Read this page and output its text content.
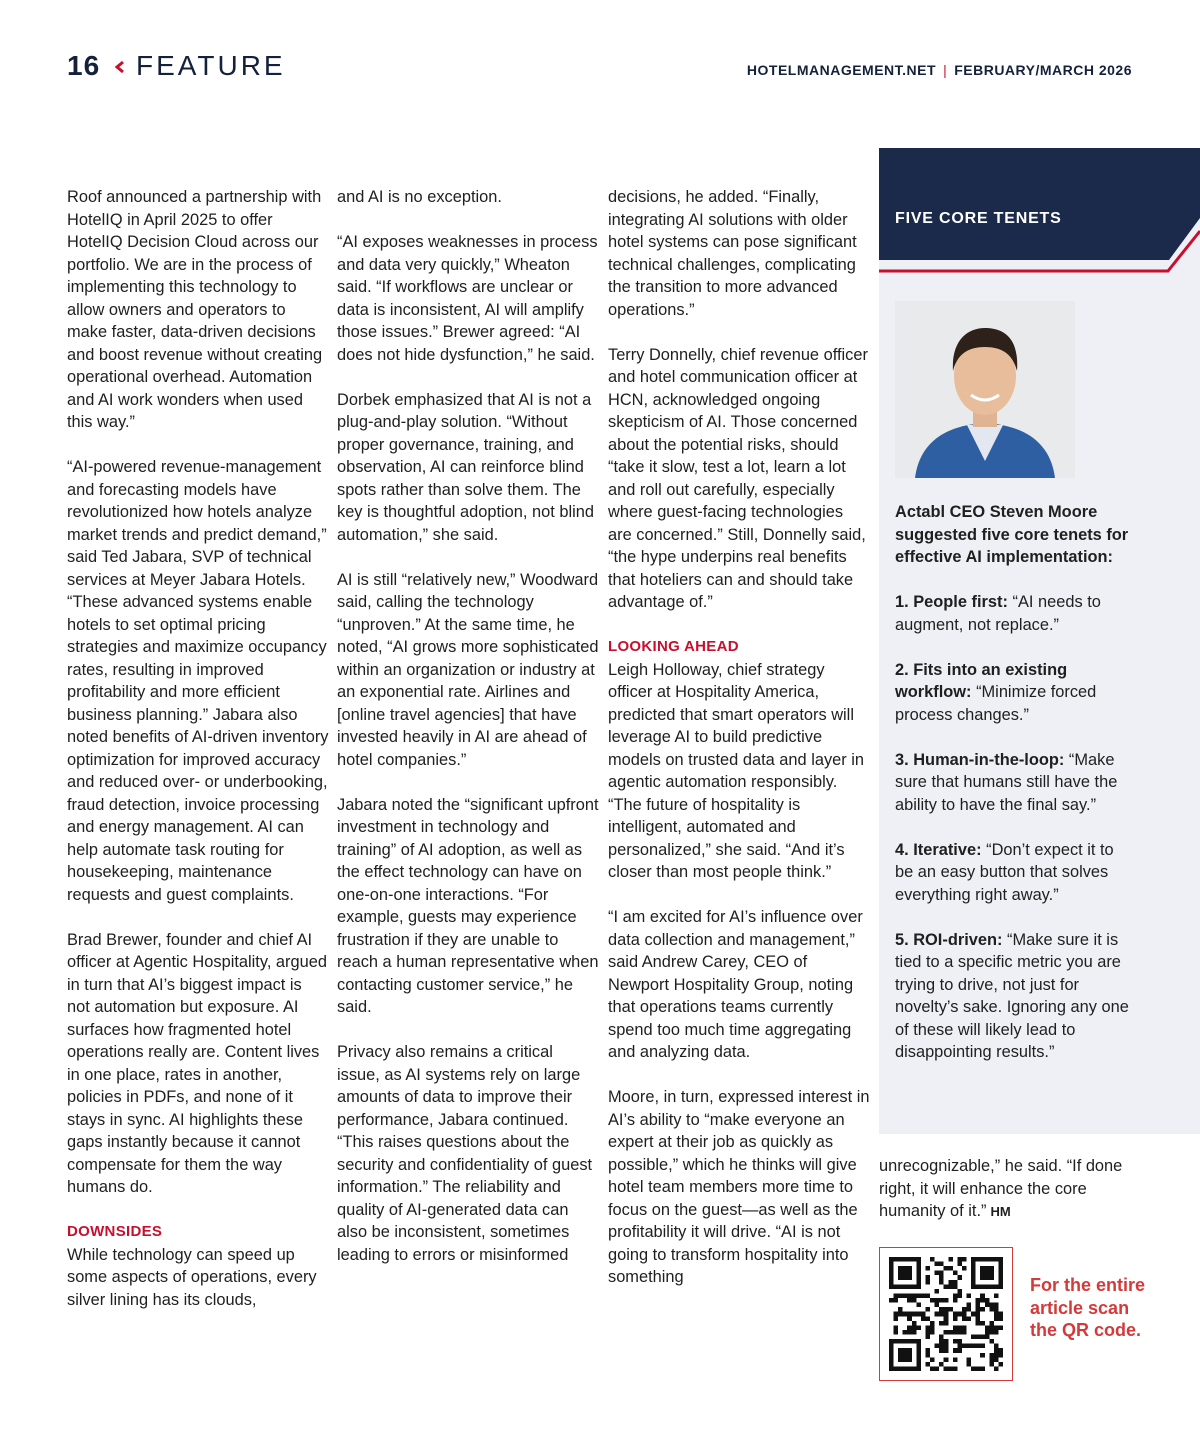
16 FEATURE	HOTELMANAGEMENT.NET | FEBRUARY/MARCH 2026

Roof announced a partnership with HotelIQ in April 2025 to offer HotelIQ Decision Cloud across our portfolio. We are in the process of implementing this technology to allow owners and operators to make faster, data-driven decisions and boost revenue without creating operational overhead. Automation and AI work wonders when used this way.”

“AI-powered revenue-management and forecasting models have revolutionized how hotels analyze market trends and predict demand,” said Ted Jabara, SVP of technical services at Meyer Jabara Hotels. “These advanced systems enable hotels to set optimal pricing strategies and maximize occupancy rates, resulting in improved profitability and more efficient business planning.” Jabara also noted benefits of AI-driven inventory optimization for improved accuracy and reduced over- or underbooking, fraud detection, invoice processing and energy management. AI can help automate task routing for housekeeping, maintenance requests and guest complaints.

Brad Brewer, founder and chief AI officer at Agentic Hospitality, argued in turn that AI’s biggest impact is not automation but exposure. AI surfaces how fragmented hotel operations really are. Content lives in one place, rates in another, policies in PDFs, and none of it stays in sync. AI highlights these gaps instantly because it cannot compensate for them the way humans do.

DOWNSIDES

While technology can speed up some aspects of operations, every silver lining has its clouds,

and AI is no exception.

“AI exposes weaknesses in process and data very quickly,” Wheaton said. “If workflows are unclear or data is inconsistent, AI will amplify those issues.” Brewer agreed: “AI does not hide dysfunction,” he said.

Dorbek emphasized that AI is not a plug-and-play solution. “Without proper governance, training, and observation, AI can reinforce blind spots rather than solve them. The key is thoughtful adoption, not blind automation,” she said.

AI is still “relatively new,” Woodward said, calling the technology “unproven.” At the same time, he noted, “AI grows more sophisticated within an organization or industry at an exponential rate. Airlines and [online travel agencies] that have invested heavily in AI are ahead of hotel companies.”

Jabara noted the “significant upfront investment in technology and training” of AI adoption, as well as the effect technology can have on one-on-one interactions. “For example, guests may experience frustration if they are unable to reach a human representative when contacting customer service,” he said.

Privacy also remains a critical issue, as AI systems rely on large amounts of data to improve their performance, Jabara continued. “This raises questions about the security and confidentiality of guest information.” The reliability and quality of AI-generated data can also be inconsistent, sometimes leading to errors or misinformed

decisions, he added. “Finally, integrating AI solutions with older hotel systems can pose significant technical challenges, complicating the transition to more advanced operations.”

Terry Donnelly, chief revenue officer and hotel communication officer at HCN, acknowledged ongoing skepticism of AI. Those concerned about the potential risks, should “take it slow, test a lot, learn a lot and roll out carefully, especially where guest-facing technologies are concerned.” Still, Donnelly said, “the hype underpins real benefits that hoteliers can and should take advantage of.”

LOOKING AHEAD

Leigh Holloway, chief strategy officer at Hospitality America, predicted that smart operators will leverage AI to build predictive models on trusted data and layer in agentic automation responsibly. “The future of hospitality is intelligent, automated and personalized,” she said. “And it’s closer than most people think.”

“I am excited for AI’s influence over data collection and management,” said Andrew Carey, CEO of Newport Hospitality Group, noting that operations teams currently spend too much time aggregating and analyzing data.

Moore, in turn, expressed interest in AI’s ability to “make everyone an expert at their job as quickly as possible,” which he thinks will give hotel team members more time to focus on the guest—as well as the profitability it will drive. “AI is not going to transform hospitality into something

FIVE CORE TENETS

Actabl CEO Steven Moore suggested five core tenets for effective AI implementation:

1. People first: “AI needs to augment, not replace.”

2. Fits into an existing workflow: “Minimize forced process changes.”

3. Human-in-the-loop: “Make sure that humans still have the ability to have the final say.”

4. Iterative: “Don’t expect it to be an easy button that solves everything right away.”

5. ROI-driven: “Make sure it is tied to a specific metric you are trying to drive, not just for novelty’s sake. Ignoring any one of these will likely lead to disappointing results.”

unrecognizable,” he said. “If done right, it will enhance the core humanity of it.” HM
For the entire article scan the QR code.
